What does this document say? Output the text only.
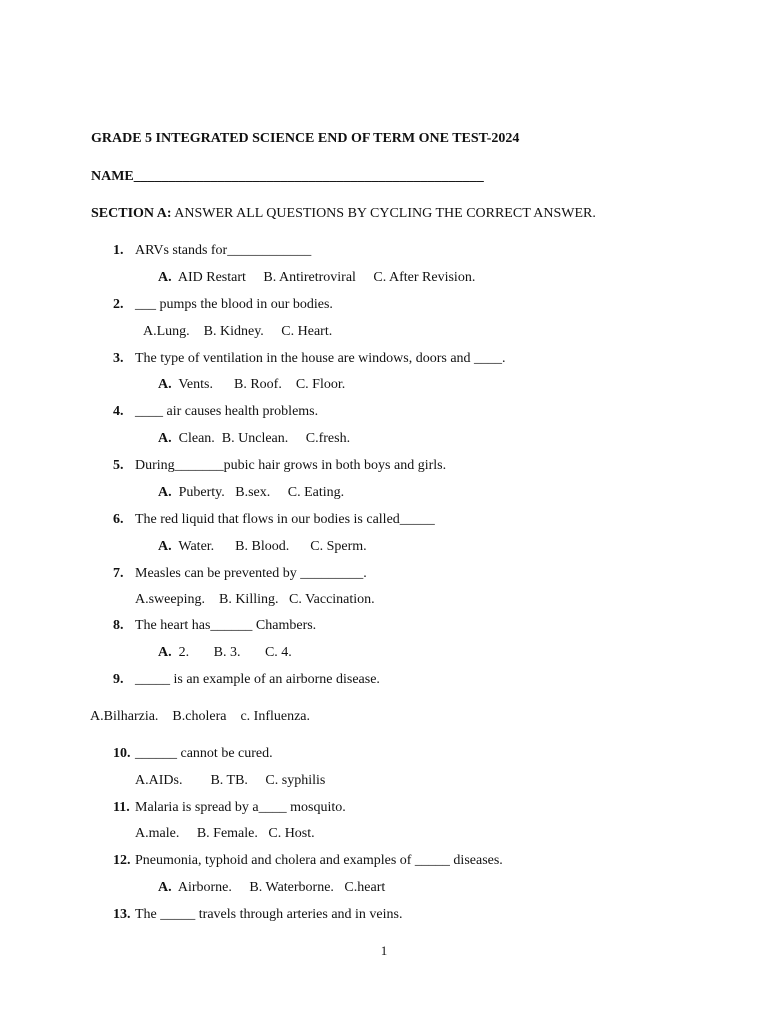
GRADE 5 INTEGRATED SCIENCE END OF TERM ONE TEST-2024
NAME__________________________________________________
SECTION A: ANSWER ALL QUESTIONS BY CYCLING THE CORRECT ANSWER.
1. ARVs stands for____________
A. AID Restart     B. Antiretroviral     C. After Revision.
2. ___ pumps the blood in our bodies.
A.Lung.    B. Kidney.     C. Heart.
3. The type of ventilation in the house are windows, doors and ____.
A. Vents.      B. Roof.    C. Floor.
4. ____ air causes health problems.
A. Clean.  B. Unclean.     C.fresh.
5. During_______pubic hair grows in both boys and girls.
A. Puberty.   B.sex.     C. Eating.
6. The red liquid that flows in our bodies is called_____
A. Water.      B. Blood.      C. Sperm.
7. Measles can be prevented by _________.
A.sweeping.    B. Killing.   C. Vaccination.
8. The heart has______ Chambers.
A. 2.       B. 3.       C. 4.
9. _____ is an example of an airborne disease.
A.Bilharzia.    B.cholera    c. Influenza.
10. ______ cannot be cured.
A.AIDs.        B. TB.     C. syphilis
11. Malaria is spread by a____ mosquito.
A.male.     B. Female.   C. Host.
12. Pneumonia, typhoid and cholera and examples of _____ diseases.
A. Airborne.     B. Waterborne.   C.heart
13. The _____ travels through arteries and in veins.
1
